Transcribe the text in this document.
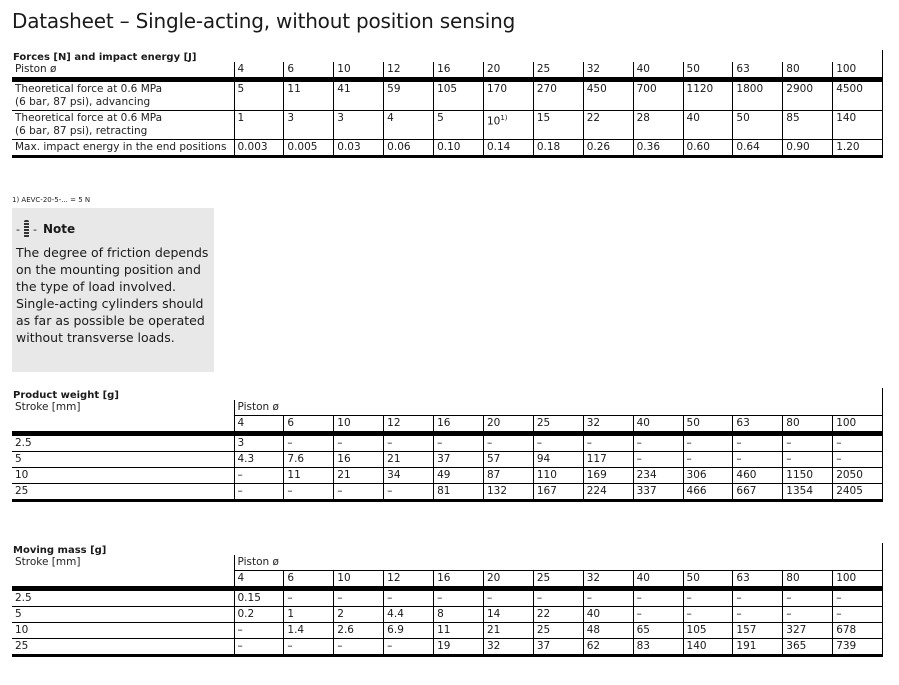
Datasheet – Single-acting, without position sensing
Forces [N] and impact energy [J]
Piston ø	4	6	10	12	16	20	25	32	40	50	63	80	100
Theoretical force at 0.6 MPa
(6 bar, 87 psi), advancing	5	11	41	59	105	170	270	450	700	1120	1800	2900	4500
Theoretical force at 0.6 MPa
(6 bar, 87 psi), retracting	1	3	3	4	5	10$^{1)}$	15	22	28	40	50	85	140
Max. impact energy in the end positions	0.003	0.005	0.03	0.06	0.10	0.14	0.18	0.26	0.36	0.60	0.64	0.90	1.20
1) AEVC-20-5-... = 5 N
- - Note
The degree of friction depends on the mounting position and the type of load involved. Single-acting cylinders should as far as possible be operated without transverse loads.
Product weight [g]
Stroke [mm]	Piston ø												
	4	6	10	12	16	20	25	32	40	50	63	80	100
2.5	3	–	–	–	–	–	–	–	–	–	–	–	–
5	4.3	7.6	16	21	37	57	94	117	–	–	–	–	–
10	–	11	21	34	49	87	110	169	234	306	460	1150	2050
25	–	–	–	–	81	132	167	224	337	466	667	1354	2405
Moving mass [g]
Stroke [mm]	Piston ø												
	4	6	10	12	16	20	25	32	40	50	63	80	100
2.5	0.15	–	–	–	–	–	–	–	–	–	–	–	–
5	0.2	1	2	4.4	8	14	22	40	–	–	–	–	–
10	–	1.4	2.6	6.9	11	21	25	48	65	105	157	327	678
25	–	–	–	–	19	32	37	62	83	140	191	365	739
